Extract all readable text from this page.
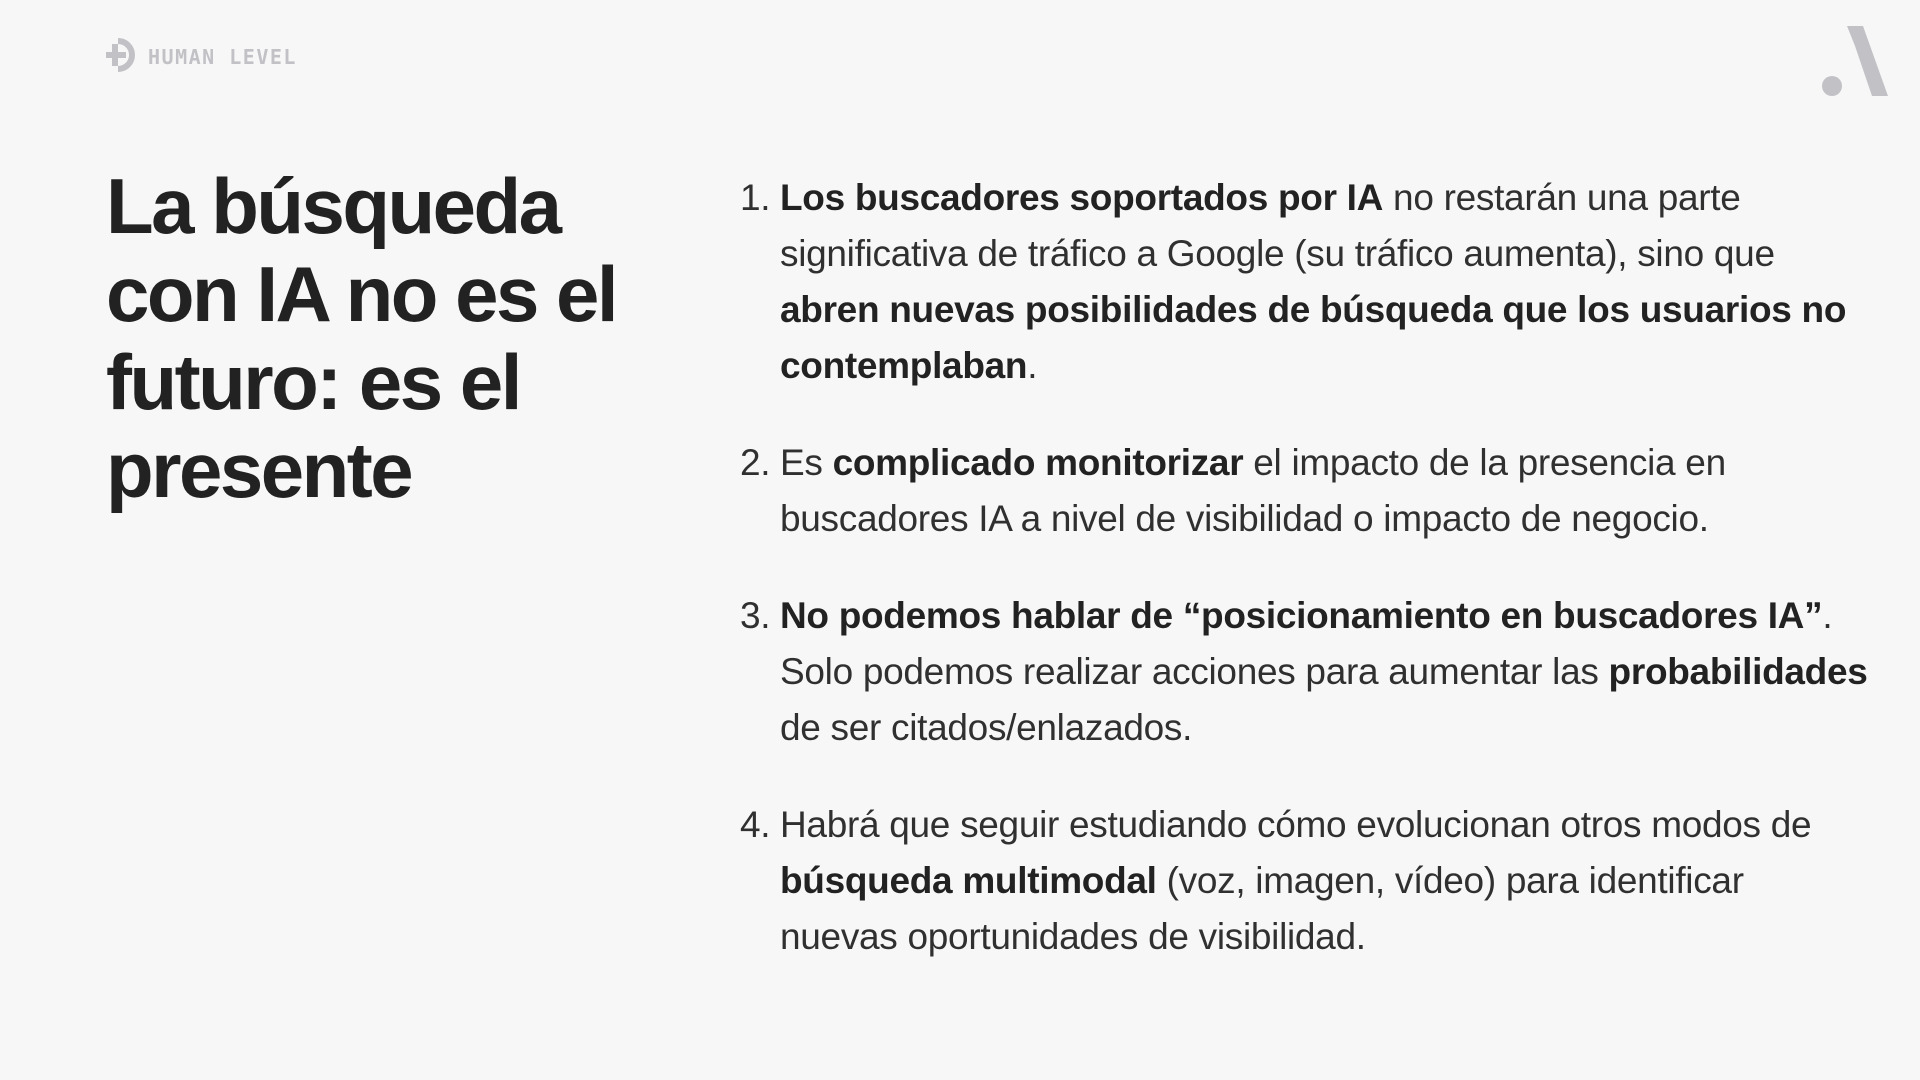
HUMAN LEVEL
La búsqueda con IA no es el futuro: es el presente
1. Los buscadores soportados por IA no restarán una parte significativa de tráfico a Google (su tráfico aumenta), sino que abren nuevas posibilidades de búsqueda que los usuarios no contemplaban.
2. Es complicado monitorizar el impacto de la presencia en buscadores IA a nivel de visibilidad o impacto de negocio.
3. No podemos hablar de “posicionamiento en buscadores IA”. Solo podemos realizar acciones para aumentar las probabilidades de ser citados/enlazados.
4. Habrá que seguir estudiando cómo evolucionan otros modos de búsqueda multimodal (voz, imagen, vídeo) para identificar nuevas oportunidades de visibilidad.
